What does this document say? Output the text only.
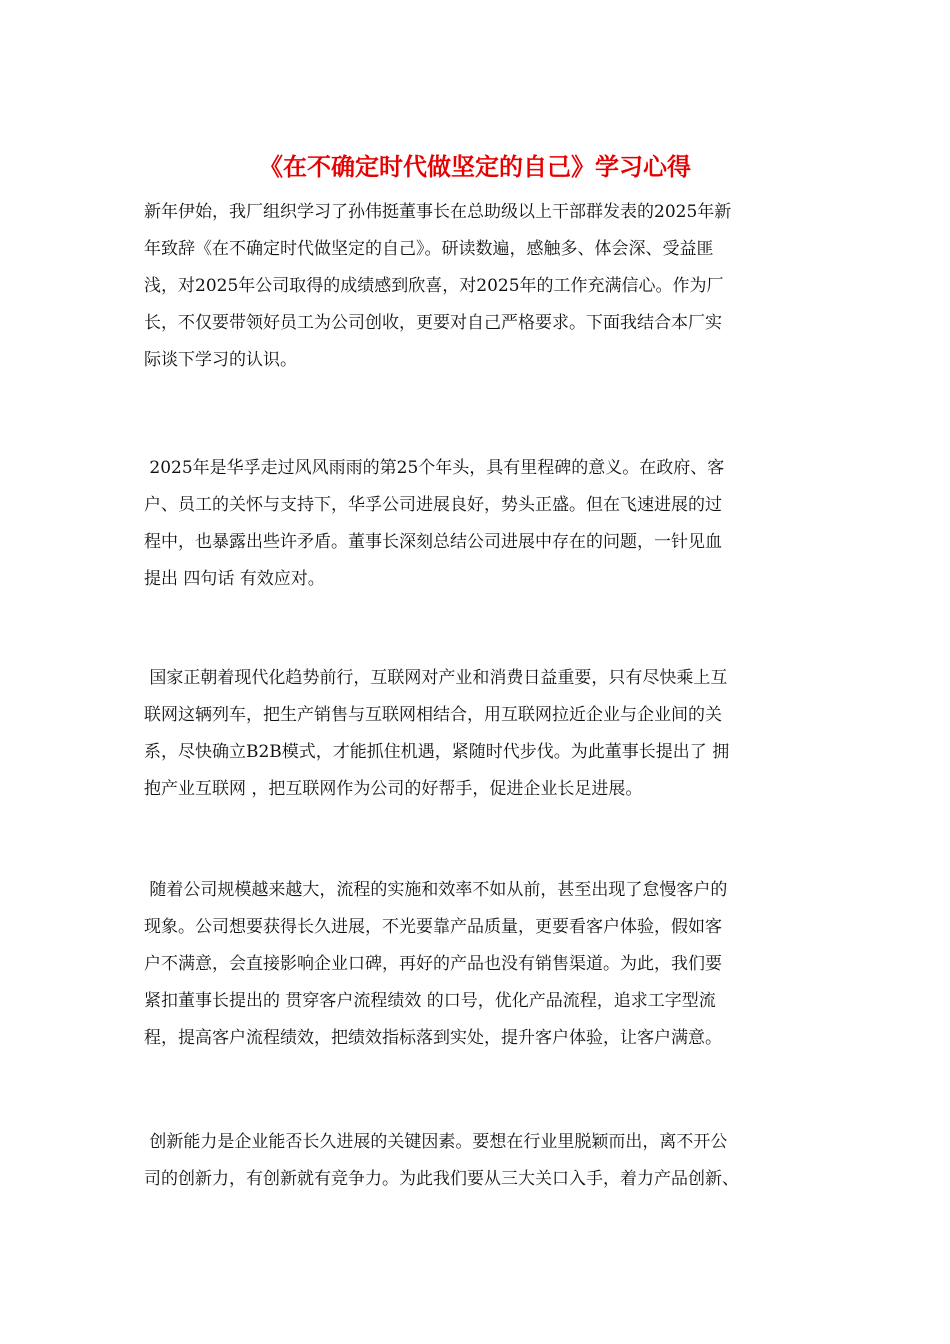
《在不确定时代做坚定的自己》学习心得
新年伊始，我厂组织学习了孙伟挺董事长在总助级以上干部群发表的2025年新
年致辞《在不确定时代做坚定的自己》。研读数遍，感触多、体会深、受益匪
浅，对2025年公司取得的成绩感到欣喜，对2025年的工作充满信心。作为厂
长，不仅要带领好员工为公司创收，更要对自己严格要求。下面我结合本厂实
际谈下学习的认识。
2025年是华孚走过风风雨雨的第25个年头，具有里程碑的意义。在政府、客
户、员工的关怀与支持下，华孚公司进展良好，势头正盛。但在飞速进展的过
程中，也暴露出些许矛盾。董事长深刻总结公司进展中存在的问题，一针见血
提出 四句话 有效应对。
国家正朝着现代化趋势前行，互联网对产业和消费日益重要，只有尽快乘上互
联网这辆列车，把生产销售与互联网相结合，用互联网拉近企业与企业间的关
系，尽快确立B2B模式，才能抓住机遇，紧随时代步伐。为此董事长提出了 拥
抱产业互联网 ，把互联网作为公司的好帮手，促进企业长足进展。
随着公司规模越来越大，流程的实施和效率不如从前，甚至出现了怠慢客户的
现象。公司想要获得长久进展，不光要靠产品质量，更要看客户体验，假如客
户不满意，会直接影响企业口碑，再好的产品也没有销售渠道。为此，我们要
紧扣董事长提出的 贯穿客户流程绩效 的口号，优化产品流程，追求工字型流
程，提高客户流程绩效，把绩效指标落到实处，提升客户体验，让客户满意。
创新能力是企业能否长久进展的关键因素。要想在行业里脱颖而出，离不开公
司的创新力，有创新就有竞争力。为此我们要从三大关口入手，着力产品创新、
